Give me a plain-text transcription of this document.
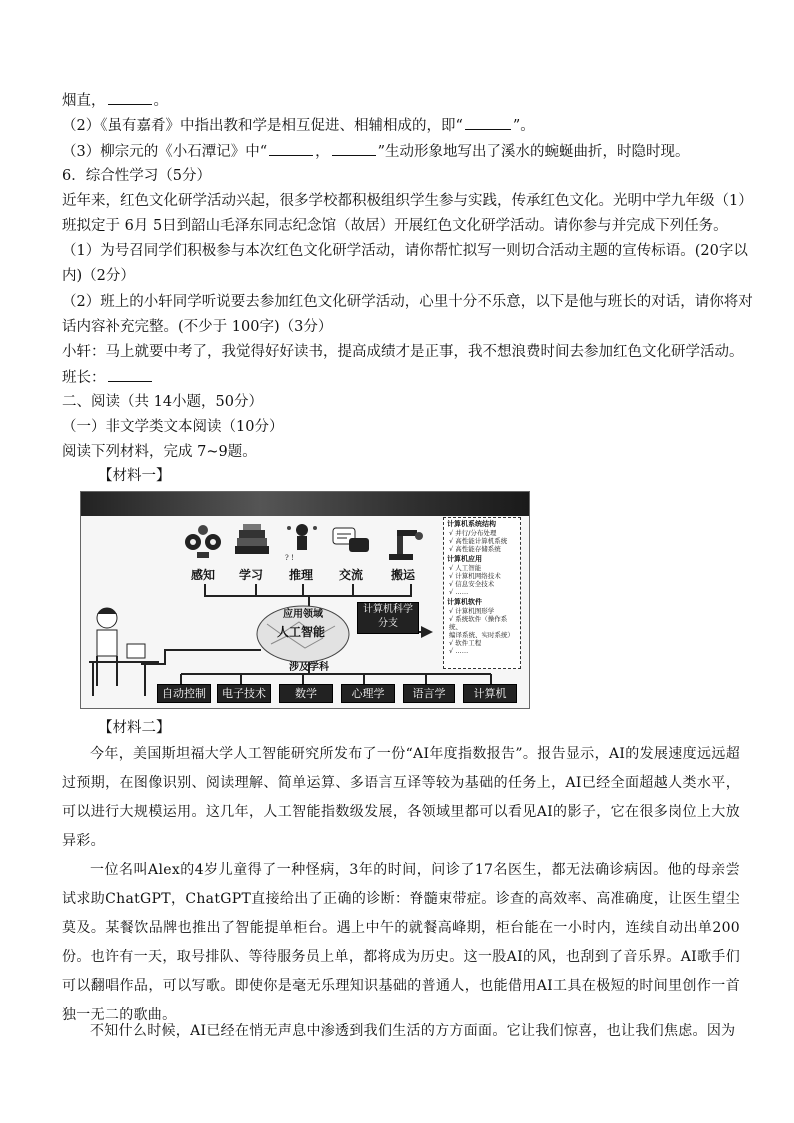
烟直，	。
（2）《虽有嘉肴》中指出教和学是相互促进、相辅相成的，即“	”。
（3）柳宗元的《小石潭记》中“	，	”生动形象地写出了溪水的蜿蜒曲折，时隐时现。
6．综合性学习（5分）
近年来，红色文化研学活动兴起，很多学校都积极组织学生参与实践，传承红色文化。光明中学九年级（1）
班拟定于 6月 5日到韶山毛泽东同志纪念馆（故居）开展红色文化研学活动。请你参与并完成下列任务。
（1）为号召同学们积极参与本次红色文化研学活动，请你帮忙拟写一则切合活动主题的宣传标语。(20字以
内)（2分）
（2）班上的小轩同学听说要去参加红色文化研学活动，心里十分不乐意，以下是他与班长的对话，请你将对
话内容补充完整。(不少于 100字)（3分）
小轩：马上就要中考了，我觉得好好读书，提高成绩才是正事，我不想浪费时间去参加红色文化研学活动。
班长：
二、阅读（共 14小题，50分）
（一）非文学类文本阅读（10分）
阅读下列材料，完成 7~9题。
【材料一】
? !
感知 学习 推理 交流 搬运
应用领域
人工智能
涉及学科
计算机科学
分支
自动控制	电子技术	数学	心理学	语言学	计算机
计算机系统结构
√ 并行/分布处理
√ 高性能计算机系统
√ 高性能存储系统
计算机应用
√ 人工智能
√ 计算机网络技术
√ 信息安全技术
√ ……
计算机软件
√ 计算机图形学
√ 系统软件（操作系统、
编译系统、实时系统）
√ 软件工程
√ ……
【材料二】
今年，美国斯坦福大学人工智能研究所发布了一份“AI年度指数报告”。报告显示，AI的发展速度远远超过预期，在图像识别、阅读理解、简单运算、多语言互译等较为基础的任务上，AI已经全面超越人类水平，可以进行大规模运用。这几年，人工智能指数级发展，各领域里都可以看见AI的影子，它在很多岗位上大放异彩。
一位名叫Alex的4岁儿童得了一种怪病，3年的时间，问诊了17名医生，都无法确诊病因。他的母亲尝试求助ChatGPT，ChatGPT直接给出了正确的诊断：脊髓束带症。诊查的高效率、高准确度，让医生望尘莫及。某餐饮品牌也推出了智能提单柜台。遇上中午的就餐高峰期，柜台能在一小时内，连续自动出单200份。也许有一天，取号排队、等待服务员上单，都将成为历史。这一股AI的风，也刮到了音乐界。AI歌手们可以翻唱作品，可以写歌。即使你是毫无乐理知识基础的普通人，也能借用AI工具在极短的时间里创作一首独一无二的歌曲。
不知什么时候，AI已经在悄无声息中渗透到我们生活的方方面面。它让我们惊喜，也让我们焦虑。因为
